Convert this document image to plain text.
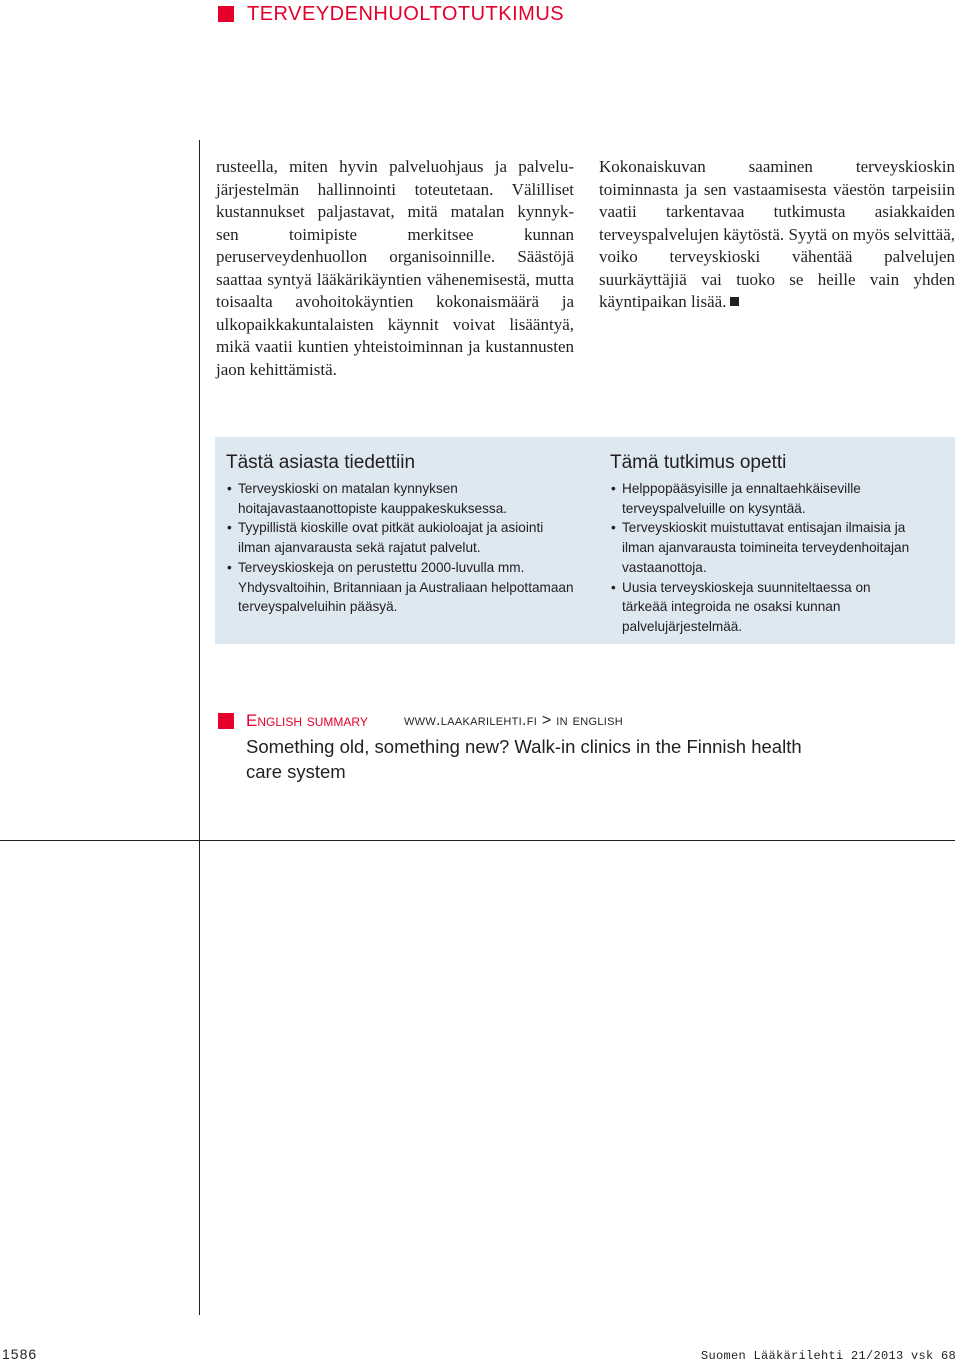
TERVEYDENHUOLTOTUTKIMUS

rusteella, miten hyvin palveluohjaus ja palvelu-

järjestelmän hallinnointi toteutetaan. Välilliset

kustannukset paljastavat, mitä matalan kynnyk-

sen toimipiste merkitsee kunnan peruserveydenhuollon organisoinnille. Säästöjä saattaa syntyä lääkärikäyntien vähenemisestä, mutta toisaalta avohoitokäyntien kokonaismäärä ja ulkopaikkakuntalaisten käynnit voivat lisääntyä, mikä vaatii kuntien yhteistoiminnan ja kustannusten jaon kehittämistä.

Kokonaiskuvan saaminen terveyskioskin toiminnasta ja sen vastaamisesta väestön tarpeisiin vaatii tarkentavaa tutkimusta asiakkaiden terveyspalvelujen käytöstä. Syytä on myös selvittää, voiko terveyskioski vähentää palvelujen suurkäyttäjiä vai tuoko se heille vain yhden käyntipaikan lisää.

Tästä asiasta tiedettiin
• Terveyskioski on matalan kynnyksen hoitajavastaanottopiste kauppakeskuksessa.
• Tyypillistä kioskille ovat pitkät aukioloajat ja asiointi ilman ajanvarausta sekä rajatut palvelut.
• Terveyskioskeja on perustettu 2000-luvulla mm. Yhdysvaltoihin, Britanniaan ja Australiaan helpottamaan terveyspalveluihin pääsyä.
Tämä tutkimus opetti
• Helppopääsyisille ja ennaltaehkäiseville terveyspalveluille on kysyntää.
• Terveyskioskit muistuttavat entisajan ilmaisia ja ilman ajanvarausta toimineita terveydenhoitajan vastaanottoja.
• Uusia terveyskioskeja suunniteltaessa on tärkeää integroida ne osaksi kunnan palvelujärjestelmää.
English summary www.laakarilehti.fi > in english
Something old, something new? Walk-in clinics in the Finnish health care system
1586	Suomen Lääkärilehti 21/2013 vsk 68
